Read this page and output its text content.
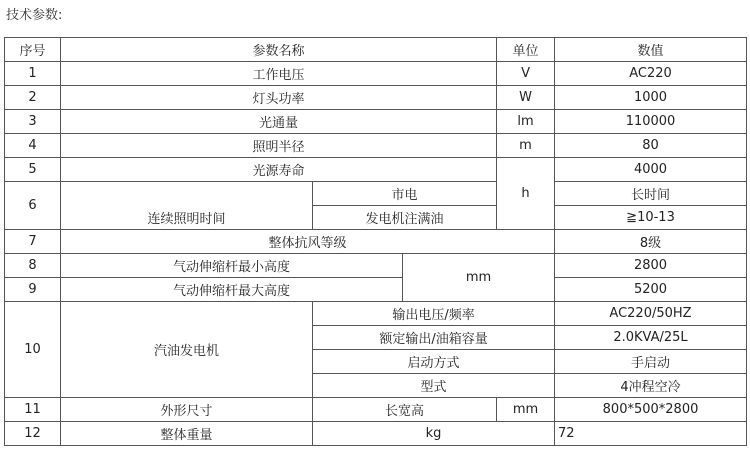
技术参数:
序号	参数名称			单位	数值
1	工作电压			V	AC220
2	灯头功率			W	1000
3	光通量			lm	110000
4	照明半径			m	80
5	光源寿命			h	4000
6	连续照明时间	市电			长时间
		发电机注满油			≧10-13
7	整体抗风等级				8级
8	气动伸缩杆最小高度		mm		2800
9	气动伸缩杆最大高度				5200
10	汽油发电机	输出电压/频率			AC220/50HZ
		额定输出/油箱容量			2.0KVA/25L
		启动方式			手启动
		型式			4冲程空冷
11	外形尺寸	长宽高		mm	800*500*2800
12	整体重量	kg			72
